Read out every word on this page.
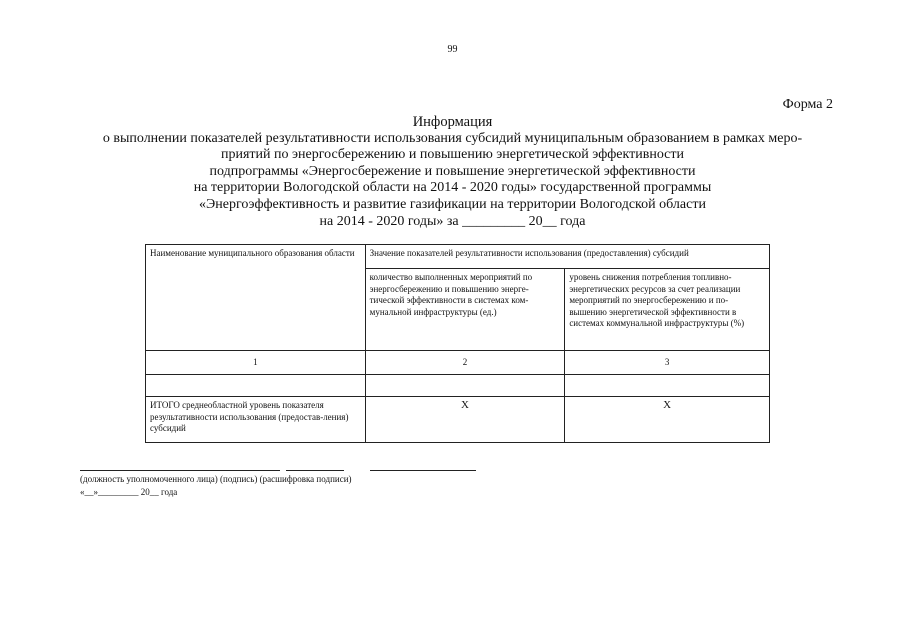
99
Форма 2
Информация
о выполнении показателей результативности использования субсидий муниципальным образованием в рамках меро-
приятий по энергосбережению и повышению энергетической эффективности
подпрограммы «Энергосбережение и повышение энергетической эффективности
на территории Вологодской области на 2014 - 2020 годы» государственной программы
«Энергоэффективность и развитие газификации на территории Вологодской области
на 2014 - 2020 годы» за _________ 20__ года
Наименование муниципального образования области	Значение показателей результативности использования (предоставления) субсидий	
	количество выполненных мероприятий по энергосбережению и повышению энерге-тической эффективности в системах ком-мунальной инфраструктуры (ед.)	уровень снижения потребления топливно-энергетических ресурсов за счет реализации мероприятий по энергосбережению и по-вышению энергетической эффективности в системах коммунальной инфраструктуры (%)
1	2	3

ИТОГО среднеобластной уровень показателя результативности использования (предостав-ления) субсидий	X	X
(должность уполномоченного лица) (подпись) (расшифровка подписи)
«__»_________ 20__ года
